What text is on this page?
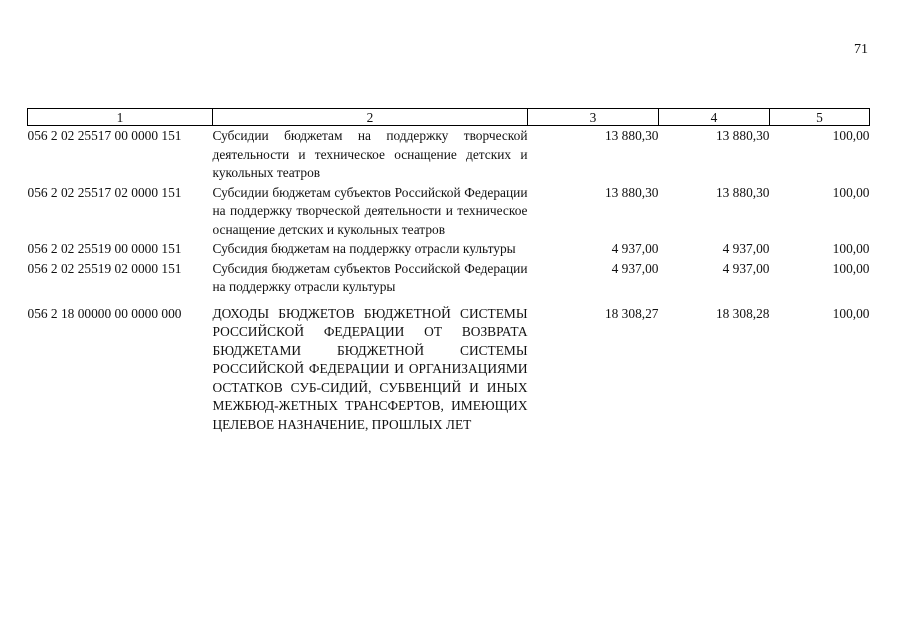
71
1	2	3	4	5
056 2 02 25517 00 0000 151	Субсидии бюджетам на поддержку творческой деятельности и техническое оснащение детских и кукольных театров	13 880,30	13 880,30	100,00
056 2 02 25517 02 0000 151	Субсидии бюджетам субъектов Российской Федерации на поддержку творческой деятельности и техническое оснащение детских и кукольных театров	13 880,30	13 880,30	100,00
056 2 02 25519 00 0000 151	Субсидия бюджетам на поддержку отрасли культуры	4 937,00	4 937,00	100,00
056 2 02 25519 02 0000 151	Субсидия бюджетам субъектов Российской Федерации на поддержку отрасли культуры	4 937,00	4 937,00	100,00
056 2 18 00000 00 0000 000	ДОХОДЫ БЮДЖЕТОВ БЮДЖЕТНОЙ СИСТЕМЫ РОССИЙСКОЙ ФЕДЕРАЦИИ ОТ ВОЗВРАТА БЮДЖЕТАМИ БЮДЖЕТНОЙ СИСТЕМЫ РОССИЙСКОЙ ФЕДЕРАЦИИ И ОРГАНИЗАЦИЯМИ ОСТАТКОВ СУБ-СИДИЙ, СУБВЕНЦИЙ И ИНЫХ МЕЖБЮД-ЖЕТНЫХ ТРАНСФЕРТОВ, ИМЕЮЩИХ ЦЕЛЕВОЕ НАЗНАЧЕНИЕ, ПРОШЛЫХ ЛЕТ	18 308,27	18 308,28	100,00
